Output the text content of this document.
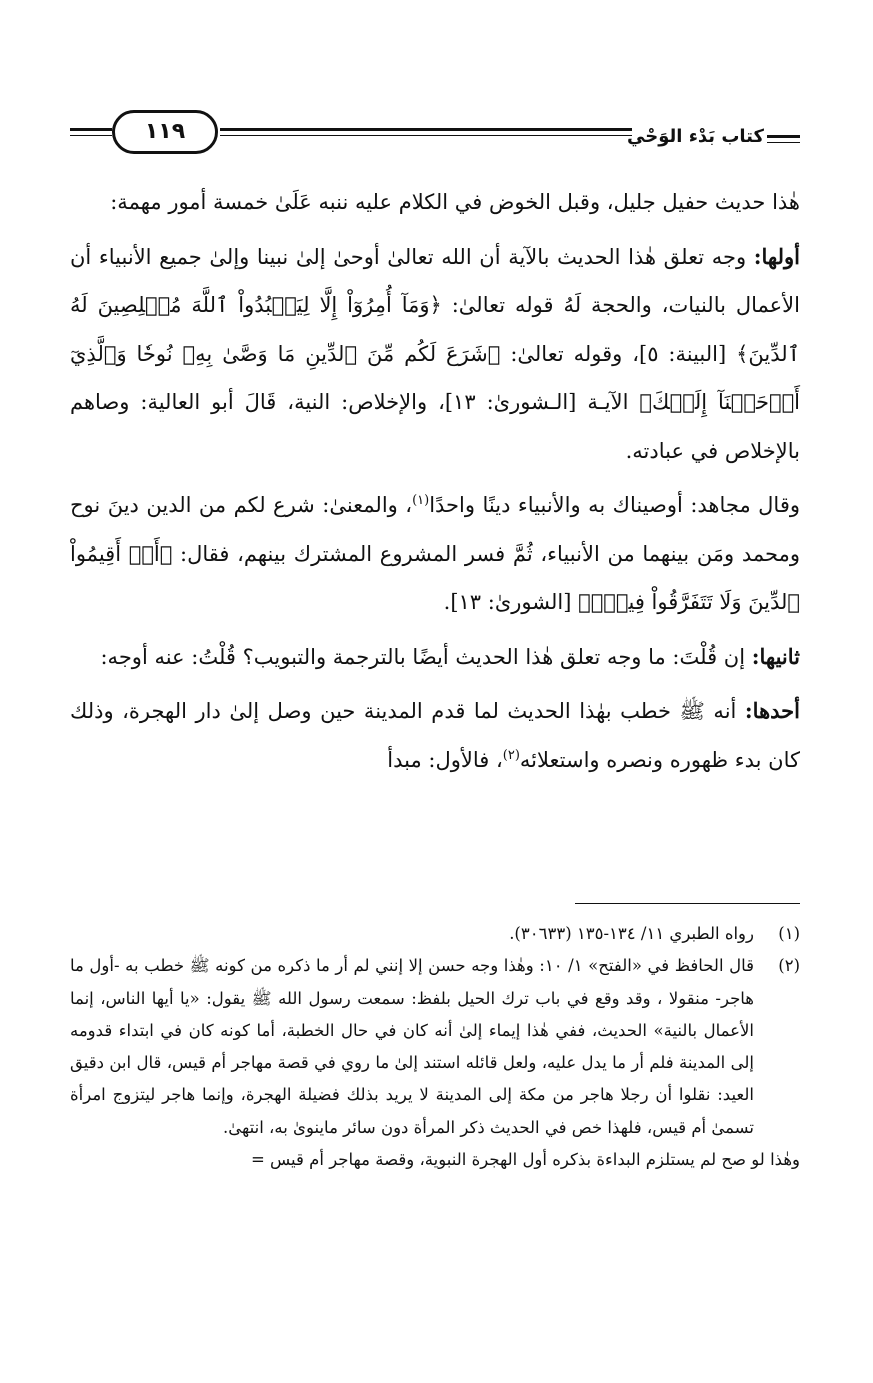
١١٩	كتاب بَدْء الوَحْي

هٰذا حديث حفيل جليل، وقبل الخوض في الكلام عليه ننبه عَلَىٰ خمسة أمور مهمة:

أولها: وجه تعلق هٰذا الحديث بالآية أن الله تعالىٰ أوحىٰ إلىٰ نبينا وإلىٰ جميع الأنبياء أن الأعمال بالنيات، والحجة لَهُ قوله تعالىٰ: ﴿وَمَآ أُمِرُوٓاْ إِلَّا لِيَعۡبُدُواْ ٱللَّهَ مُخۡلِصِينَ لَهُ ٱلدِّينَ﴾ [البينة: ٥]، وقوله تعالىٰ: ﴿شَرَعَ لَكُم مِّنَ ٱلدِّينِ مَا وَصَّىٰ بِهِۦ نُوحٗا وَٱلَّذِيٓ أَوۡحَيۡنَآ إِلَيۡكَ﴾ الآيـة [الـشورىٰ: ١٣]، والإخلاص: النية، قَالَ أبو العالية: وصاهم بالإخلاص في عبادته.

وقال مجاهد: أوصيناك به والأنبياء دينًا واحدًا$^{(١)}$، والمعنىٰ: شرع لكم من الدين دينَ نوح ومحمد ومَن بينهما من الأنبياء، ثُمَّ فسر المشروع المشترك بينهم، فقال: ﴿أَنۡ أَقِيمُواْ ٱلدِّينَ وَلَا تَتَفَرَّقُواْ فِيهِۚ﴾ [الشورىٰ: ١٣].

ثانيها: إن قُلْتَ: ما وجه تعلق هٰذا الحديث أيضًا بالترجمة والتبويب؟ قُلْتُ: عنه أوجه:

أحدها: أنه ﷺ خطب بهٰذا الحديث لما قدم المدينة حين وصل إلىٰ دار الهجرة، وذلك كان بدء ظهوره ونصره واستعلائه$^{(٢)}$، فالأول: مبدأ

(١)
رواه الطبري ١١/ ١٣٤-١٣٥ (٣٠٦٣٣).

(٢)
قال الحافظ في «الفتح» ١/ ١٠: وهٰذا وجه حسن إلا إنني لم أر ما ذكره من كونه ﷺ خطب به -أول ما هاجر- منقولا ، وقد وقع في باب ترك الحيل بلفظ: سمعت رسول الله ﷺ يقول: «يا أيها الناس، إنما الأعمال بالنية» الحديث، ففي هٰذا إيماء إلىٰ أنه كان في حال الخطبة، أما كونه كان في ابتداء قدومه إلى المدينة فلم أر ما يدل عليه، ولعل قائله استند إلىٰ ما روي في قصة مهاجر أم قيس، قال ابن دقيق العيد: نقلوا أن رجلا هاجر من مكة إلى المدينة لا يريد بذلك فضيلة الهجرة، وإنما هاجر ليتزوج امرأة تسمىٰ أم قيس، فلهذا خص في الحديث ذكر المرأة دون سائر ماينوىٰ به، انتهىٰ.

وهٰذا لو صح لم يستلزم البداءة بذكره أول الهجرة النبوية، وقصة مهاجر أم قيس =
